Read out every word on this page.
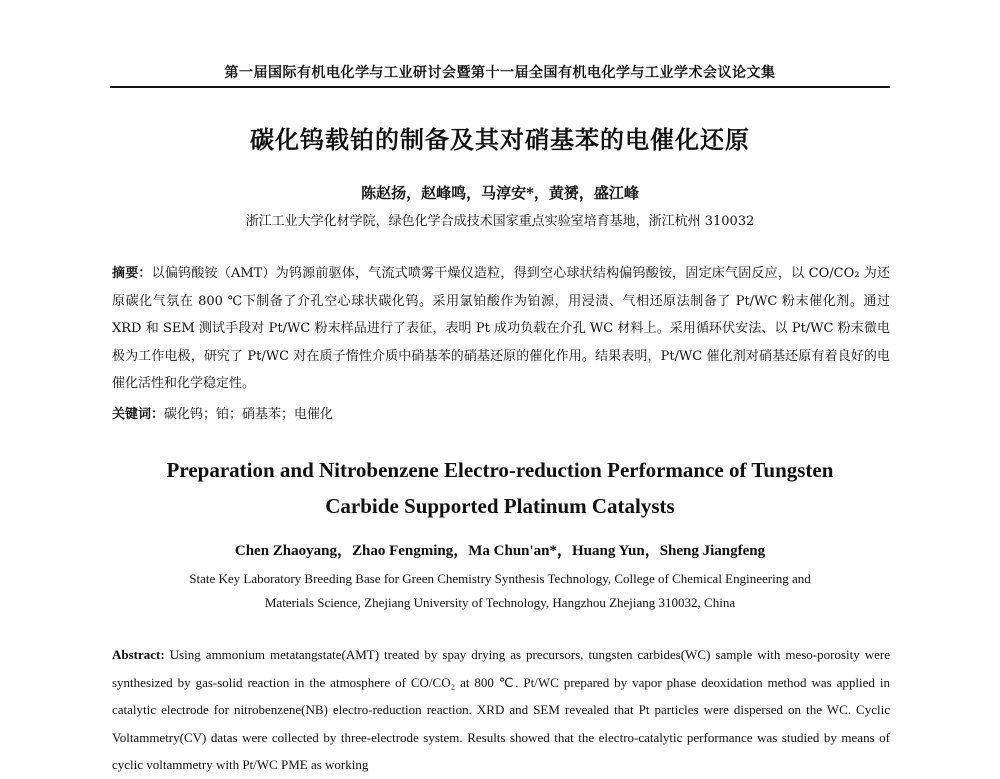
第一届国际有机电化学与工业研讨会暨第十一届全国有机电化学与工业学术会议论文集
碳化钨载铂的制备及其对硝基苯的电催化还原
陈赵扬，赵峰鸣，马淳安*，黄赟，盛江峰
浙江工业大学化材学院，绿色化学合成技术国家重点实验室培育基地，浙江杭州 310032
摘要：以偏钨酸铵（AMT）为钨源前驱体，气流式喷雾干燥仪造粒，得到空心球状结构偏钨酸铵，固定床气固反应，以 CO/CO₂ 为还原碳化气氛在 800 ℃下制备了介孔空心球状碳化钨。采用氯铂酸作为铂源，用浸渍、气相还原法制备了 Pt/WC 粉末催化剂。通过 XRD 和 SEM 测试手段对 Pt/WC 粉末样品进行了表征，表明 Pt 成功负载在介孔 WC 材料上。采用循环伏安法、以 Pt/WC 粉末微电极为工作电极，研究了 Pt/WC 对在质子惰性介质中硝基苯的硝基还原的催化作用。结果表明，Pt/WC 催化剂对硝基还原有着良好的电催化活性和化学稳定性。
关键词：碳化钨；铂；硝基苯；电催化
Preparation and Nitrobenzene Electro-reduction Performance of Tungsten
Carbide Supported Platinum Catalysts
Chen Zhaoyang，Zhao Fengming，Ma Chun'an*，Huang Yun，Sheng Jiangfeng
State Key Laboratory Breeding Base for Green Chemistry Synthesis Technology, College of Chemical Engineering and
Materials Science, Zhejiang University of Technology, Hangzhou Zhejiang 310032, China
Abstract: Using ammonium metatangstate(AMT) treated by spay drying as precursors, tungsten carbides(WC) sample with meso-porosity were synthesized by gas-solid reaction in the atmosphere of CO/CO₂ at 800 ℃. Pt/WC prepared by vapor phase deoxidation method was applied in catalytic electrode for nitrobenzene(NB) electro-reduction reaction. XRD and SEM revealed that Pt particles were dispersed on the WC. Cyclic Voltammetry(CV) datas were collected by three-electrode system. Results showed that the electro-catalytic performance was studied by means of cyclic voltammetry with Pt/WC PME as working
